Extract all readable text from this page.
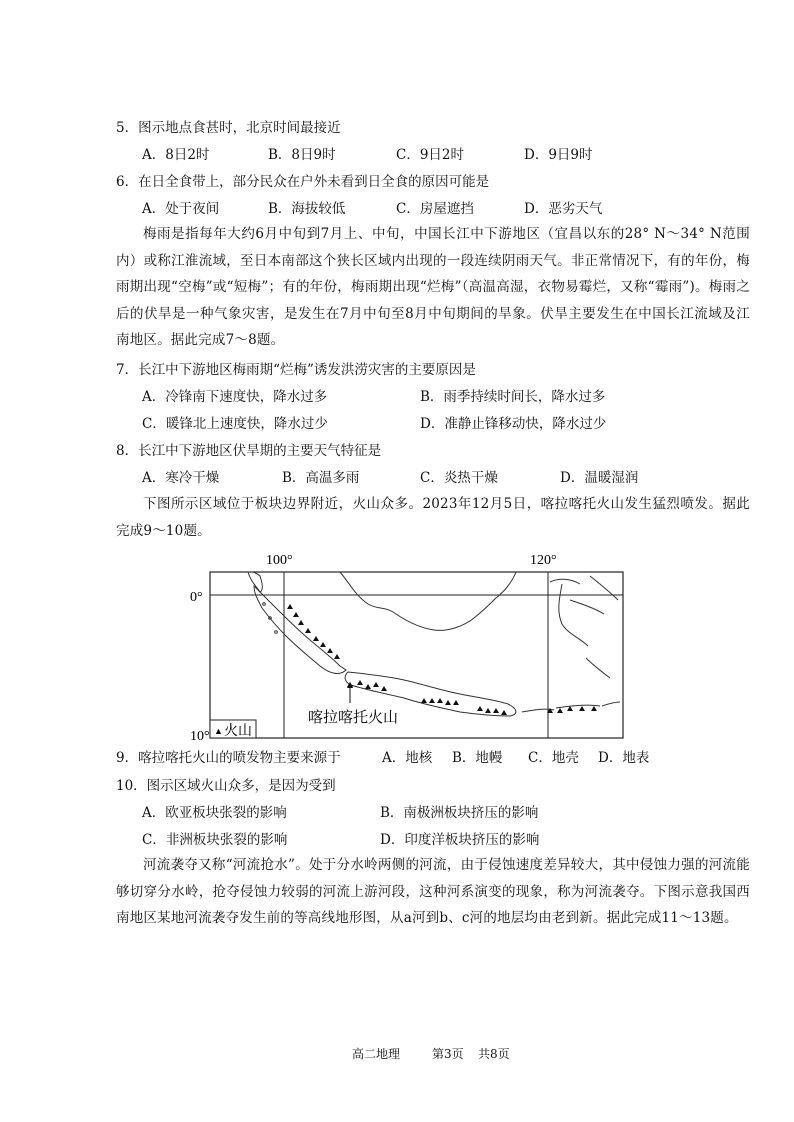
5．图示地点食甚时，北京时间最接近
A．8日2时	B．8日9时	C．9日2时	D．9日9时
6．在日全食带上，部分民众在户外未看到日全食的原因可能是
A．处于夜间	B．海拔较低	C．房屋遮挡	D．恶劣天气
梅雨是指每年大约6月中旬到7月上、中旬，中国长江中下游地区（宜昌以东的28° N～34° N范围内）或称江淮流域，至日本南部这个狭长区域内出现的一段连续阴雨天气。非正常情况下，有的年份，梅雨期出现“空梅”或“短梅”；有的年份，梅雨期出现“烂梅”（高温高湿，衣物易霉烂，又称“霉雨”)。梅雨之后的伏旱是一种气象灾害，是发生在7月中旬至8月中旬期间的旱象。伏旱主要发生在中国长江流域及江南地区。据此完成7～8题。
7．长江中下游地区梅雨期“烂梅”诱发洪涝灾害的主要原因是
A．冷锋南下速度快，降水过多	B．雨季持续时间长，降水过多
C．暖锋北上速度快，降水过少	D．准静止锋移动快，降水过少
8．长江中下游地区伏旱期的主要天气特征是
A．寒冷干燥	B．高温多雨	C．炎热干燥	D．温暖湿润
下图所示区域位于板块边界附近，火山众多。2023年12月5日，喀拉喀托火山发生猛烈喷发。据此完成9～10题。
100°	120°
0°
10°
喀拉喀托火山
▲ 火山
9．喀拉喀托火山的喷发物主要来源于	A．地核 B．地幔 C．地壳 D．地表
10．图示区域火山众多，是因为受到
A．欧亚板块张裂的影响	B．南极洲板块挤压的影响
C．非洲板块张裂的影响	D．印度洋板块挤压的影响
河流袭夺又称“河流抢水”。处于分水岭两侧的河流，由于侵蚀速度差异较大，其中侵蚀力强的河流能够切穿分水岭，抢夺侵蚀力较弱的河流上游河段，这种河系演变的现象，称为河流袭夺。下图示意我国西南地区某地河流袭夺发生前的等高线地形图，从a河到b、c河的地层均由老到新。据此完成11～13题。
高二地理	第3页 共8页
